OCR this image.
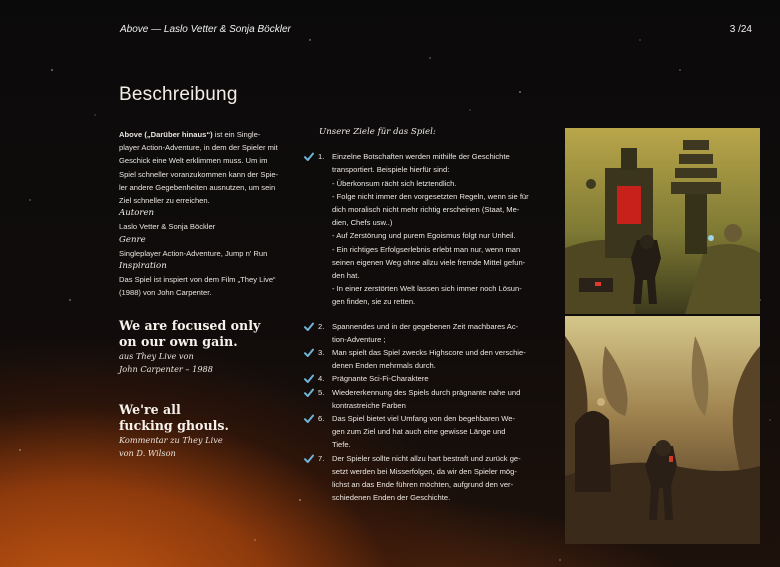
Above — Laslo Vetter & Sonja Böckler	3 /24
Beschreibung

Above („Darüber hinaus“) ist ein Single-
player Action-Adventure, in dem der Spieler mit
Geschick eine Welt erklimmen muss. Um im
Spiel schneller voranzukommen kann der Spie-
ler andere Gegebenheiten ausnutzen, um sein
Ziel schneller zu erreichen.

Autoren

Laslo Vetter & Sonja Böckler

Genre

Singleplayer Action-Adventure, Jump n' Run

Inspiration

Das Spiel ist inspiert von dem Film „They Live“

(1988) von John Carpenter.

We are focused only

on our own gain.

aus They Live von

John Carpenter – 1988

We're all

fucking ghouls.

Kommentar zu They Live

von D. Wilson

Unsere Ziele für das Spiel:

1. Einzelne Botschaften werden mithilfe der Geschichte
transportiert. Beispiele hierfür sind:
- Überkonsum rächt sich letztendlich.
- Folge nicht immer den vorgesetzten Regeln, wenn sie für
dich moralisch nicht mehr richtig erscheinen (Staat, Me-
dien, Chefs usw..)
- Auf Zerstörung und purem Egoismus folgt nur Unheil.
- Ein richtiges Erfolgserlebnis erlebt man nur, wenn man
seinen eigenen Weg ohne allzu viele fremde Mittel gefun-
den hat.
- In einer zerstörten Welt lassen sich immer noch Lösun-
gen finden, sie zu retten.
2. Spannendes und in der gegebenen Zeit machbares Ac-
tion-Adventure ;
3. Man spielt das Spiel zwecks Highscore und den verschie-
denen Enden mehrmals durch.
4. Prägnante Sci-Fi-Charaktere
5. Wiedererkennung des Spiels durch prägnante nahe und
kontrastreiche Farben
6. Das Spiel bietet viel Umfang von den begehbaren We-
gen zum Ziel und hat auch eine gewisse Länge und
Tiefe.
7. Der Spieler sollte nicht allzu hart bestraft und zurück ge-
setzt werden bei Misserfolgen, da wir den Spieler mög-
lichst an das Ende führen möchten, aufgrund den ver-
schiedenen Enden der Geschichte.
